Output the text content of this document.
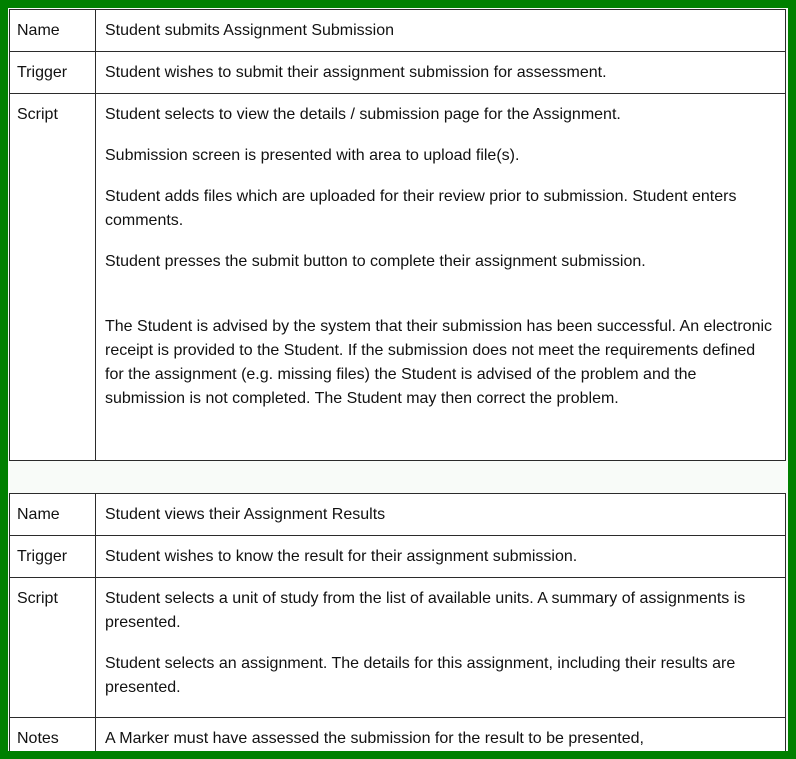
Name	Student submits Assignment Submission
Trigger	Student wishes to submit their assignment submission for assessment.
Script	Student selects to view the details / submission page for the Assignment.

Submission screen is presented with area to upload file(s).

Student adds files which are uploaded for their review prior to submission. Student enters comments.

Student presses the submit button to complete their assignment submission.

The Student is advised by the system that their submission has been successful. An electronic receipt is provided to the Student. If the submission does not meet the requirements defined for the assignment (e.g. missing files) the Student is advised of the problem and the submission is not completed. The Student may then correct the problem.

Name	Student views their Assignment Results
Trigger	Student wishes to know the result for their assignment submission.
Script	Student selects a unit of study from the list of available units. A summary of assignments is presented.

Student selects an assignment. The details for this assignment, including their results are presented.

Notes	A Marker must have assessed the submission for the result to be presented,
